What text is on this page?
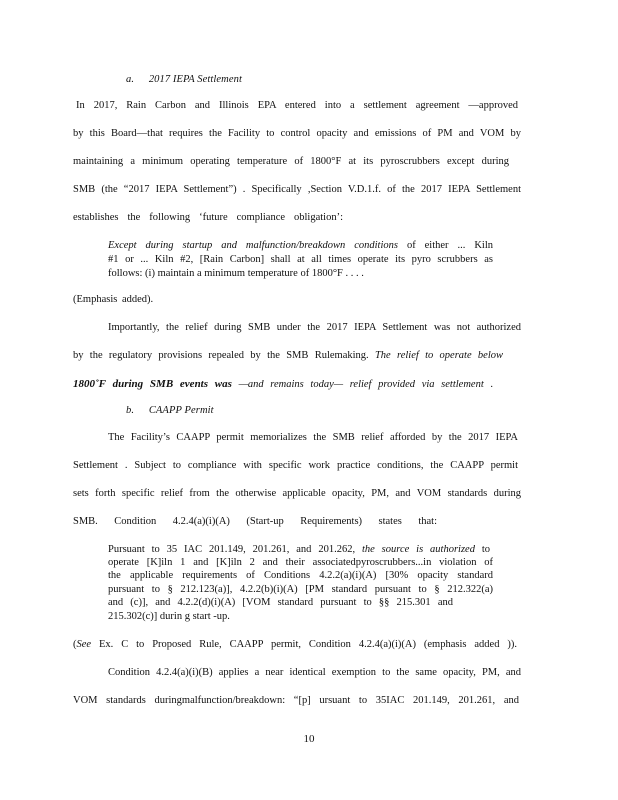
a. 2017 IEPA Settlement
In 2017, Rain Carbon and Illinois EPA entered into a settlement agreement —approved
by this Board—that requires the Facility to control opacity and emissions of PM and VOM by
maintaining a minimum operating temperature of 1800°F at its pyroscrubbers except during
SMB (the “2017 IEPA Settlement”) . Specifically ,Section V.D.1.f. of the 2017 IEPA Settlement
establishes the following ‘future compliance obligation’:
Except during startup and malfunction/breakdown conditions of either ... Kiln
#1 or ... Kiln #2, [Rain Carbon] shall at all times operate its pyro scrubbers as
follows: (i) maintain a minimum temperature of 1800°F . . . .
(Emphasis added).
Importantly, the relief during SMB under the 2017 IEPA Settlement was not authorized
by the regulatory provisions repealed by the SMB Rulemaking. The relief to operate below
1800˚F during SMB events was —and remains today— relief provided via settlement .
b. CAAPP Permit
The Facility’s CAAPP permit memorializes the SMB relief afforded by the 2017 IEPA
Settlement . Subject to compliance with specific work practice conditions, the CAAPP permit
sets forth specific relief from the otherwise applicable opacity, PM, and VOM standards during
SMB. Condition 4.2.4(a)(i)(A) (Start-up Requirements) states that:
Pursuant to 35 IAC 201.149, 201.261, and 201.262, the source is authorized to
operate [K]iln 1 and [K]iln 2 and their associatedpyroscrubbers...in violation of
the applicable requirements of Conditions 4.2.2(a)(i)(A) [30% opacity standard
pursuant to § 212.123(a)], 4.2.2(b)(i)(A) [PM standard pursuant to § 212.322(a)
and (c)], and 4.2.2(d)(i)(A) [VOM standard pursuant to §§ 215.301 and
215.302(c)] durin g start -up.
(See Ex. C to Proposed Rule, CAAPP permit, Condition 4.2.4(a)(i)(A) (emphasis added )).
Condition 4.2.4(a)(i)(B) applies a near identical exemption to the same opacity, PM, and
VOM standards duringmalfunction/breakdown: “[p] ursuant to 35IAC 201.149, 201.261, and
10
